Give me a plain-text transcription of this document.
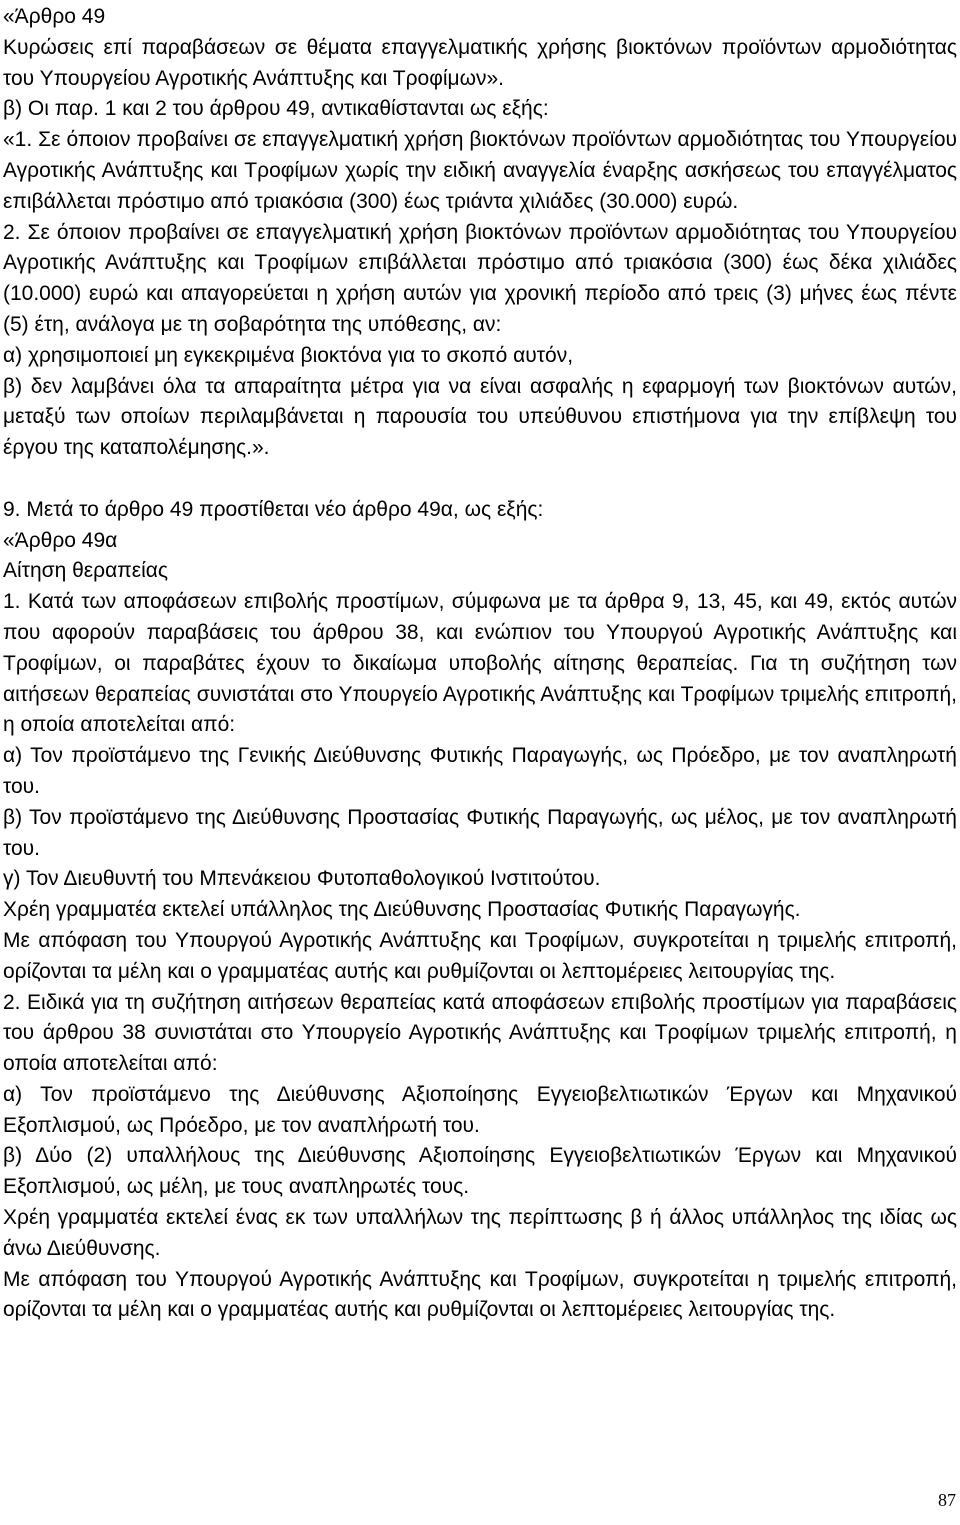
«Άρθρο 49

Κυρώσεις επί παραβάσεων σε θέματα επαγγελματικής χρήσης βιοκτόνων προϊόντων αρμοδιότητας του Υπουργείου Αγροτικής Ανάπτυξης και Τροφίμων».

β) Οι παρ. 1 και 2 του άρθρου 49, αντικαθίστανται ως εξής:

«1. Σε όποιον προβαίνει σε επαγγελματική χρήση βιοκτόνων προϊόντων αρμοδιότητας του Υπουργείου Αγροτικής Ανάπτυξης και Τροφίμων χωρίς την ειδική αναγγελία έναρξης ασκήσεως του επαγγέλματος επιβάλλεται πρόστιμο από τριακόσια (300) έως τριάντα χιλιάδες (30.000) ευρώ.

2. Σε όποιον προβαίνει σε επαγγελματική χρήση βιοκτόνων προϊόντων αρμοδιότητας του Υπουργείου Αγροτικής Ανάπτυξης και Τροφίμων επιβάλλεται πρόστιμο από τριακόσια (300) έως δέκα χιλιάδες (10.000) ευρώ και απαγορεύεται η χρήση αυτών για χρονική περίοδο από τρεις (3) μήνες έως πέντε (5) έτη, ανάλογα με τη σοβαρότητα της υπόθεσης, αν:

α) χρησιμοποιεί μη εγκεκριμένα βιοκτόνα για το σκοπό αυτόν,

β) δεν λαμβάνει όλα τα απαραίτητα μέτρα για να είναι ασφαλής η εφαρμογή των βιοκτόνων αυτών, μεταξύ των οποίων περιλαμβάνεται η παρουσία του υπεύθυνου επιστήμονα για την επίβλεψη του έργου της καταπολέμησης.».

9. Μετά το άρθρο 49 προστίθεται νέο άρθρο 49α, ως εξής:

«Άρθρο 49α

Αίτηση θεραπείας

1. Κατά των αποφάσεων επιβολής προστίμων, σύμφωνα με τα άρθρα 9, 13, 45, και 49, εκτός αυτών που αφορούν παραβάσεις του άρθρου 38, και ενώπιον του Υπουργού Αγροτικής Ανάπτυξης και Τροφίμων, οι παραβάτες έχουν το δικαίωμα υποβολής αίτησης θεραπείας. Για τη συζήτηση των αιτήσεων θεραπείας συνιστάται στο Υπουργείο Αγροτικής Ανάπτυξης και Τροφίμων τριμελής επιτροπή, η οποία αποτελείται από:

α) Τον προϊστάμενο της Γενικής Διεύθυνσης Φυτικής Παραγωγής, ως Πρόεδρο, με τον αναπληρωτή του.

β) Τον προϊστάμενο της Διεύθυνσης Προστασίας Φυτικής Παραγωγής, ως μέλος, με τον αναπληρωτή του.

γ) Τον Διευθυντή του Μπενάκειου Φυτοπαθολογικού Ινστιτούτου.

Χρέη γραμματέα εκτελεί υπάλληλος της Διεύθυνσης Προστασίας Φυτικής Παραγωγής.

Με απόφαση του Υπουργού Αγροτικής Ανάπτυξης και Τροφίμων, συγκροτείται η τριμελής επιτροπή, ορίζονται τα μέλη και ο γραμματέας αυτής και ρυθμίζονται οι λεπτομέρειες λειτουργίας της.

2. Ειδικά για τη συζήτηση αιτήσεων θεραπείας κατά αποφάσεων επιβολής προστίμων για παραβάσεις του άρθρου 38 συνιστάται στο Υπουργείο Αγροτικής Ανάπτυξης και Τροφίμων τριμελής επιτροπή, η οποία αποτελείται από:

α) Τον προϊστάμενο της Διεύθυνσης Αξιοποίησης Εγγειοβελτιωτικών Έργων και Μηχανικού Εξοπλισμού, ως Πρόεδρο, με τον αναπλήρωτή του.

β) Δύο (2) υπαλλήλους της Διεύθυνσης Αξιοποίησης Εγγειοβελτιωτικών Έργων και Μηχανικού Εξοπλισμού, ως μέλη, με τους αναπληρωτές τους.

Χρέη γραμματέα εκτελεί ένας εκ των υπαλλήλων της περίπτωσης β ή άλλος υπάλληλος της ιδίας ως άνω Διεύθυνσης.

Με απόφαση του Υπουργού Αγροτικής Ανάπτυξης και Τροφίμων, συγκροτείται η τριμελής επιτροπή, ορίζονται τα μέλη και ο γραμματέας αυτής και ρυθμίζονται οι λεπτομέρειες λειτουργίας της.

87
